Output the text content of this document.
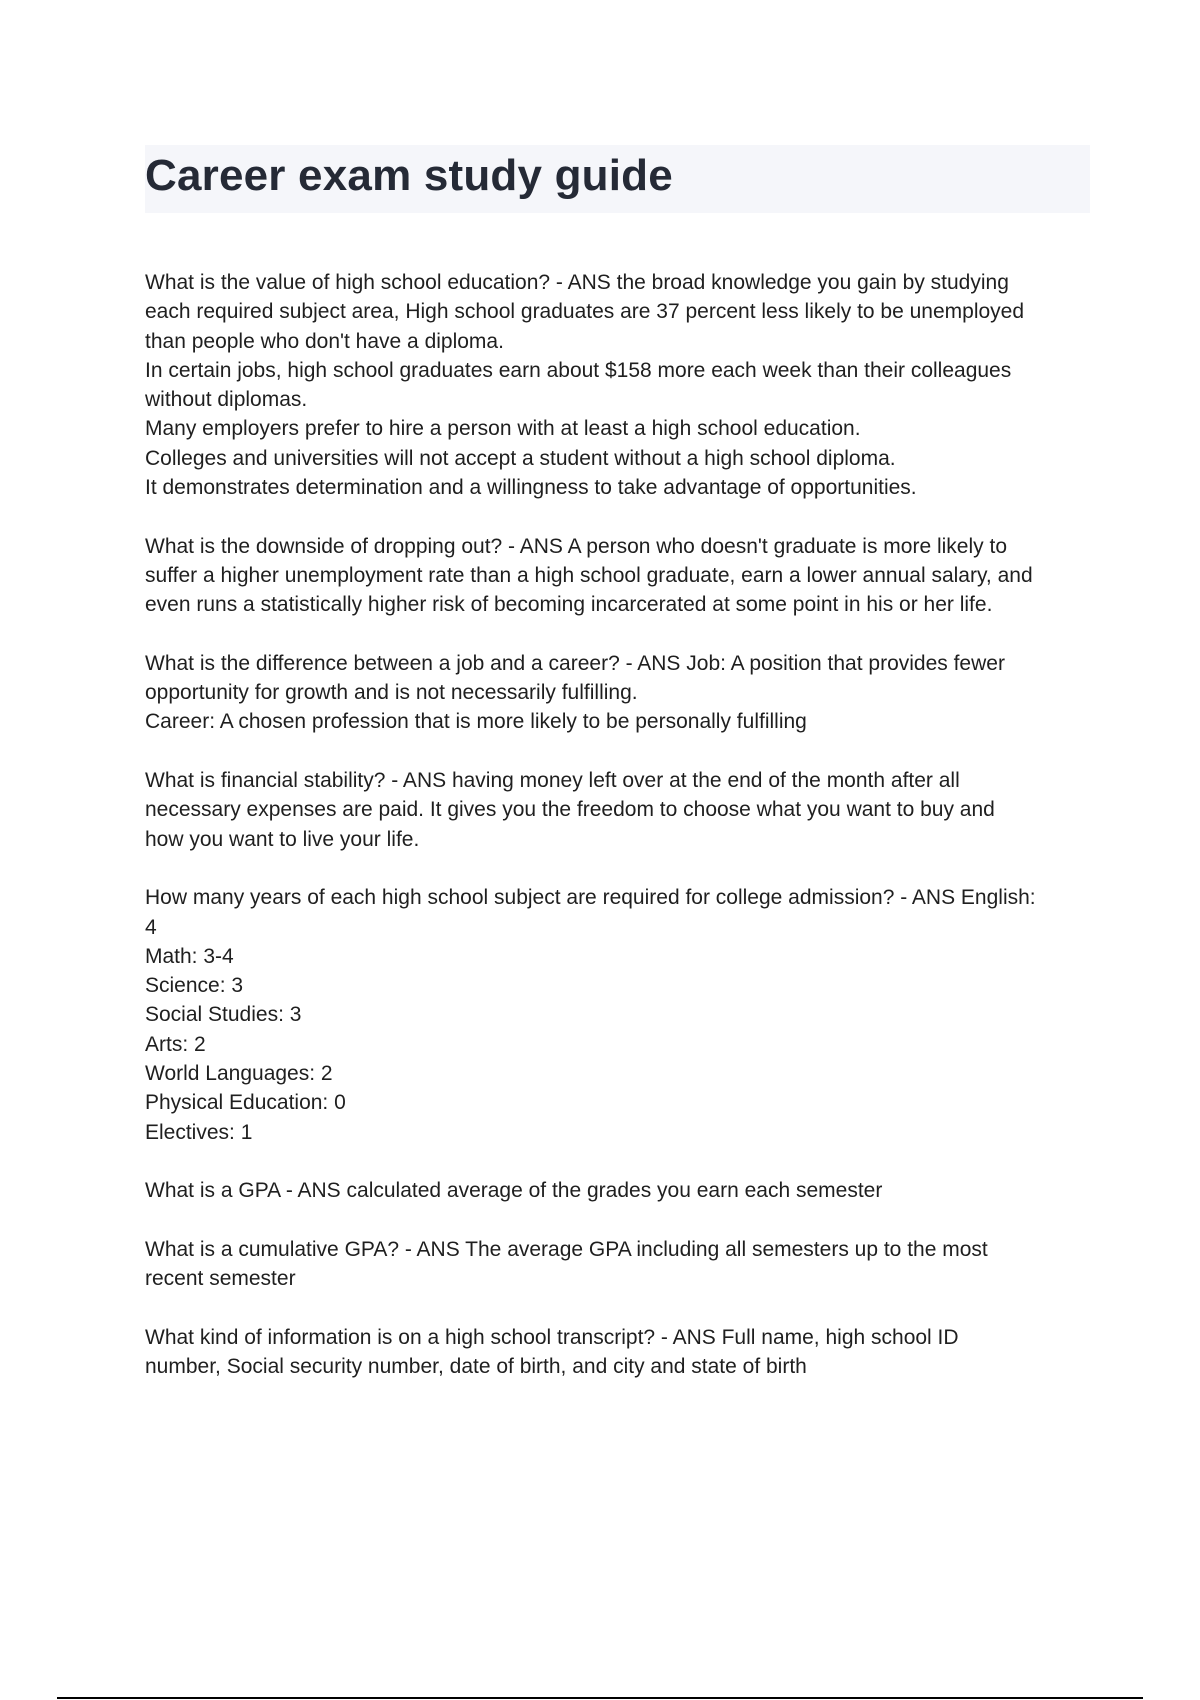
Career exam study guide
What is the value of high school education? - ANS the broad knowledge you gain by studying
each required subject area, High school graduates are 37 percent less likely to be unemployed
than people who don't have a diploma.
In certain jobs, high school graduates earn about $158 more each week than their colleagues
without diplomas.
Many employers prefer to hire a person with at least a high school education.
Colleges and universities will not accept a student without a high school diploma.
It demonstrates determination and a willingness to take advantage of opportunities.
What is the downside of dropping out? - ANS A person who doesn't graduate is more likely to
suffer a higher unemployment rate than a high school graduate, earn a lower annual salary, and
even runs a statistically higher risk of becoming incarcerated at some point in his or her life.
What is the difference between a job and a career? - ANS Job: A position that provides fewer
opportunity for growth and is not necessarily fulfilling.
Career: A chosen profession that is more likely to be personally fulfilling
What is financial stability? - ANS having money left over at the end of the month after all
necessary expenses are paid. It gives you the freedom to choose what you want to buy and
how you want to live your life.
How many years of each high school subject are required for college admission? - ANS English:
4
Math: 3-4
Science: 3
Social Studies: 3
Arts: 2
World Languages: 2
Physical Education: 0
Electives: 1
What is a GPA - ANS calculated average of the grades you earn each semester
What is a cumulative GPA? - ANS The average GPA including all semesters up to the most
recent semester
What kind of information is on a high school transcript? - ANS Full name, high school ID
number, Social security number, date of birth, and city and state of birth
